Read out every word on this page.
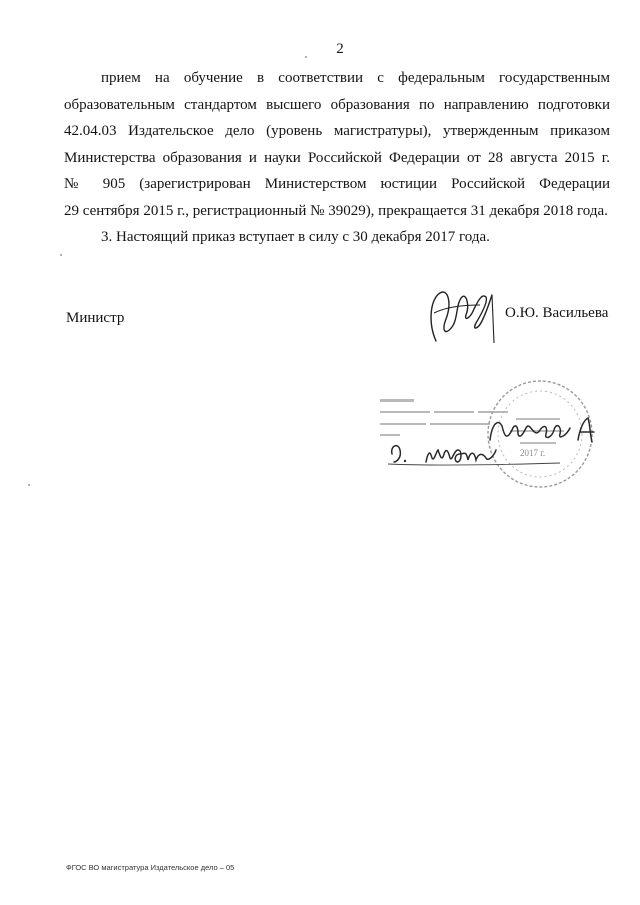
2

прием на обучение в соответствии с федеральным государственным

образовательным стандартом высшего образования по направлению подготовки

42.04.03 Издательское дело (уровень магистратуры), утвержденным приказом

Министерства образования и науки Российской Федерации от 28 августа 2015 г.

№ 905 (зарегистрирован Министерством юстиции Российской Федерации

29 сентября 2015 г., регистрационный № 39029), прекращается 31 декабря 2018 года.

3. Настоящий приказ вступает в силу с 30 декабря 2017 года.

Министр	О.Ю. Васильева
2017 г.
ФГОС ВО магистратура Издательское дело – 05
